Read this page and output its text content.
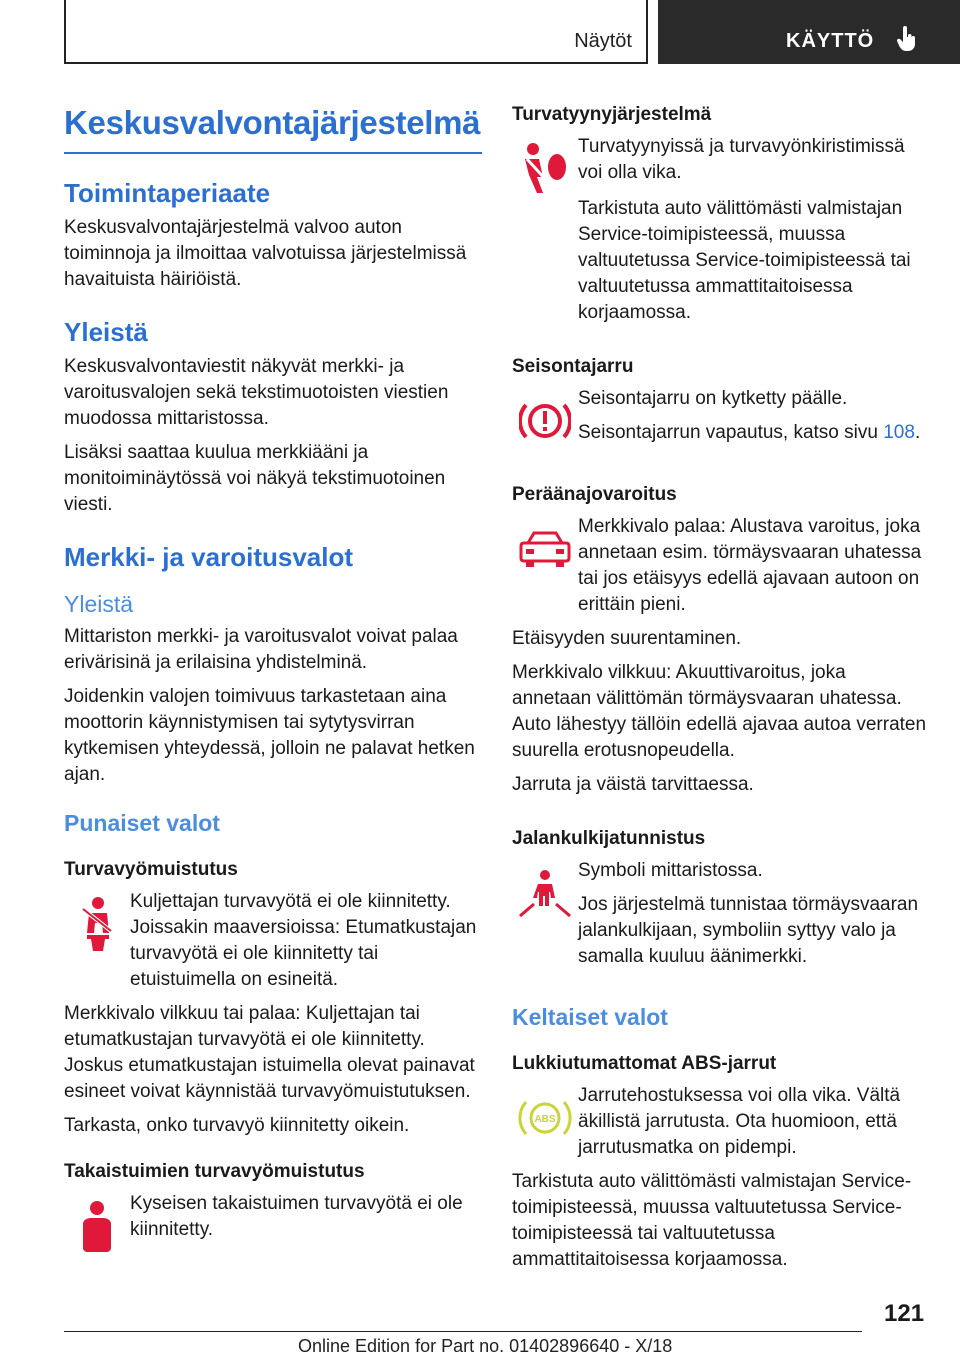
Näytöt	KÄYTTÖ
Keskusvalvontajärjestelmä
Toimintaperiaate
Keskusvalvontajärjestelmä valvoo auton toiminnoja ja ilmoittaa valvotuissa järjestelmissä havaituista häiriöistä.
Yleistä
Keskusvalvontaviestit näkyvät merkki- ja varoitusvalojen sekä tekstimuotoisten viestien muodossa mittaristossa.
Lisäksi saattaa kuulua merkkiääni ja monitoiminäytössä voi näkyä tekstimuotoinen viesti.
Merkki- ja varoitusvalot
Yleistä
Mittariston merkki- ja varoitusvalot voivat palaa erivärisinä ja erilaisina yhdistelminä.
Joidenkin valojen toimivuus tarkastetaan aina moottorin käynnistymisen tai sytytysvirran kytkemisen yhteydessä, jolloin ne palavat hetken ajan.
Punaiset valot
Turvavyömuistutus
Kuljettajan turvavyötä ei ole kiinnitetty. Joissakin maaversioissa: Etumatkustajan turvavyötä ei ole kiinnitetty tai etuistuimella on esineitä.
Merkkivalo vilkkuu tai palaa: Kuljettajan tai etumatkustajan turvavyötä ei ole kiinnitetty. Joskus etumatkustajan istuimella olevat painavat esineet voivat käynnistää turvavyömuistutuksen.
Tarkasta, onko turvavyö kiinnitetty oikein.
Takaistuimien turvavyömuistutus
Kyseisen takaistuimen turvavyötä ei ole kiinnitetty.
Turvatyynyjärjestelmä
Turvatyynyissä ja turvavyönkiristimissä voi olla vika.
Tarkistuta auto välittömästi valmistajan Service-toimipisteessä, muussa valtuutetussa Service-toimipisteessä tai valtuutetussa ammattitaitoisessa korjaamossa.
Seisontajarru
Seisontajarru on kytketty päälle.
Seisontajarrun vapautus, katso sivu 108.
Peräänajovaroitus
Merkkivalo palaa: Alustava varoitus, joka annetaan esim. törmäysvaaran uhatessa tai jos etäisyys edellä ajavaan autoon on erittäin pieni.
Etäisyyden suurentaminen.
Merkkivalo vilkkuu: Akuuttivaroitus, joka annetaan välittömän törmäysvaaran uhatessa. Auto lähestyy tällöin edellä ajavaa autoa verraten suurella erotusnopeudella.
Jarruta ja väistä tarvittaessa.
Jalankulkijatunnistus
Symboli mittaristossa.
Jos järjestelmä tunnistaa törmäysvaaran jalankulkijaan, symboliin syttyy valo ja samalla kuuluu äänimerkki.
Keltaiset valot
Lukkiutumattomat ABS-jarrut
ABS
Jarrutehostuksessa voi olla vika. Vältä äkillistä jarrutusta. Ota huomioon, että jarrutusmatka on pidempi.
Tarkistuta auto välittömästi valmistajan Service-toimipisteessä, muussa valtuutetussa Service-toimipisteessä tai valtuutetussa ammattitaitoisessa korjaamossa.
121
Online Edition for Part no. 01402896640 - X/18
